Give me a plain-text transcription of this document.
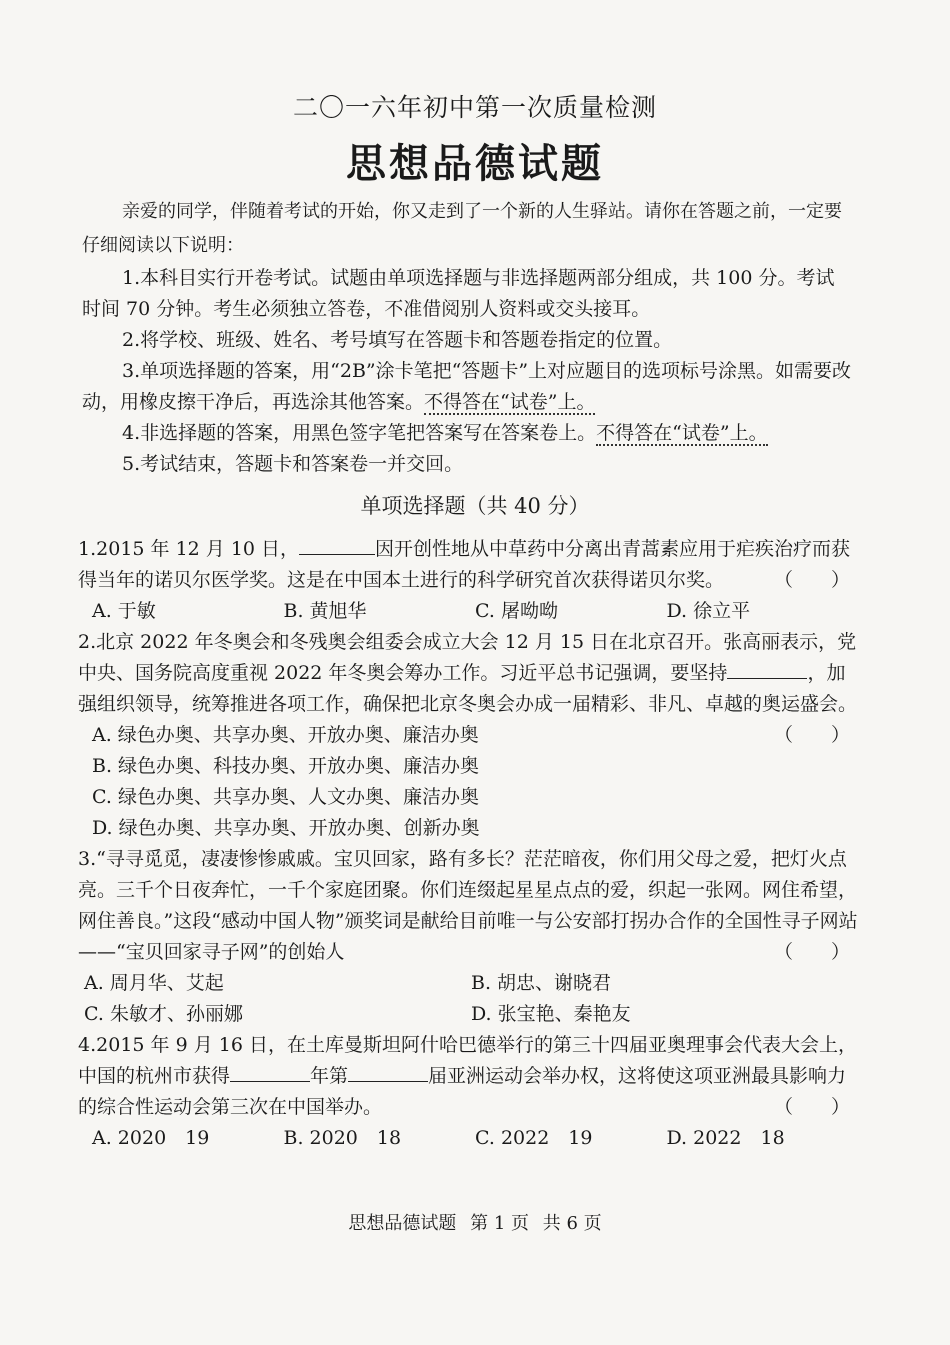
二〇一六年初中第一次质量检测
思想品德试题

亲爱的同学，伴随着考试的开始，你又走到了一个新的人生驿站。请你在答题之前，一定要仔细阅读以下说明：

1.本科目实行开卷考试。试题由单项选择题与非选择题两部分组成，共 100 分。考试时间 70 分钟。考生必须独立答卷，不准借阅别人资料或交头接耳。
2.将学校、班级、姓名、考号填写在答题卡和答题卷指定的位置。
3.单项选择题的答案，用“2B”涂卡笔把“答题卡”上对应题目的选项标号涂黑。如需要改动，用橡皮擦干净后，再选涂其他答案。不得答在“试卷”上。
4.非选择题的答案，用黑色签字笔把答案写在答案卷上。不得答在“试卷”上。
5.考试结束，答题卡和答案卷一并交回。
单项选择题（共 40 分）

1.2015 年 12 月 10 日，	因开创性地从中草药中分离出青蒿素应用于疟疾治疗而获得当年的诺贝尔医学奖。这是在中国本土进行的科学研究首次获得诺贝尔奖。	（　　）

A. 于敏	B. 黄旭华	C. 屠呦呦	D. 徐立平

2.北京 2022 年冬奥会和冬残奥会组委会成立大会 12 月 15 日在北京召开。张高丽表示，党中央、国务院高度重视 2022 年冬奥会筹办工作。习近平总书记强调，要坚持	，加强组织领导，统筹推进各项工作，确保把北京冬奥会办成一届精彩、非凡、卓越的奥运盛会。
（　　）

A. 绿色办奥、共享办奥、开放办奥、廉洁办奥
B. 绿色办奥、科技办奥、开放办奥、廉洁办奥
C. 绿色办奥、共享办奥、人文办奥、廉洁办奥
D. 绿色办奥、共享办奥、开放办奥、创新办奥

3.“寻寻觅觅，凄凄惨惨戚戚。宝贝回家，路有多长？茫茫暗夜，你们用父母之爱，把灯火点亮。三千个日夜奔忙，一千个家庭团聚。你们连缀起星星点点的爱，织起一张网。网住希望，网住善良。”这段“感动中国人物”颁奖词是献给目前唯一与公安部打拐办合作的全国性寻子网站——“宝贝回家寻子网”的创始人	（　　）

A. 周月华、艾起	B. 胡忠、谢晓君
C. 朱敏才、孙丽娜	D. 张宝艳、秦艳友

4.2015 年 9 月 16 日，在土库曼斯坦阿什哈巴德举行的第三十四届亚奥理事会代表大会上，中国的杭州市获得	年第	届亚洲运动会举办权，这将使这项亚洲最具影响力的综合性运动会第三次在中国举办。	（　　）

A. 2020　19	B. 2020　18	C. 2022　19	D. 2022　18
思想品德试题 第 1 页 共 6 页
